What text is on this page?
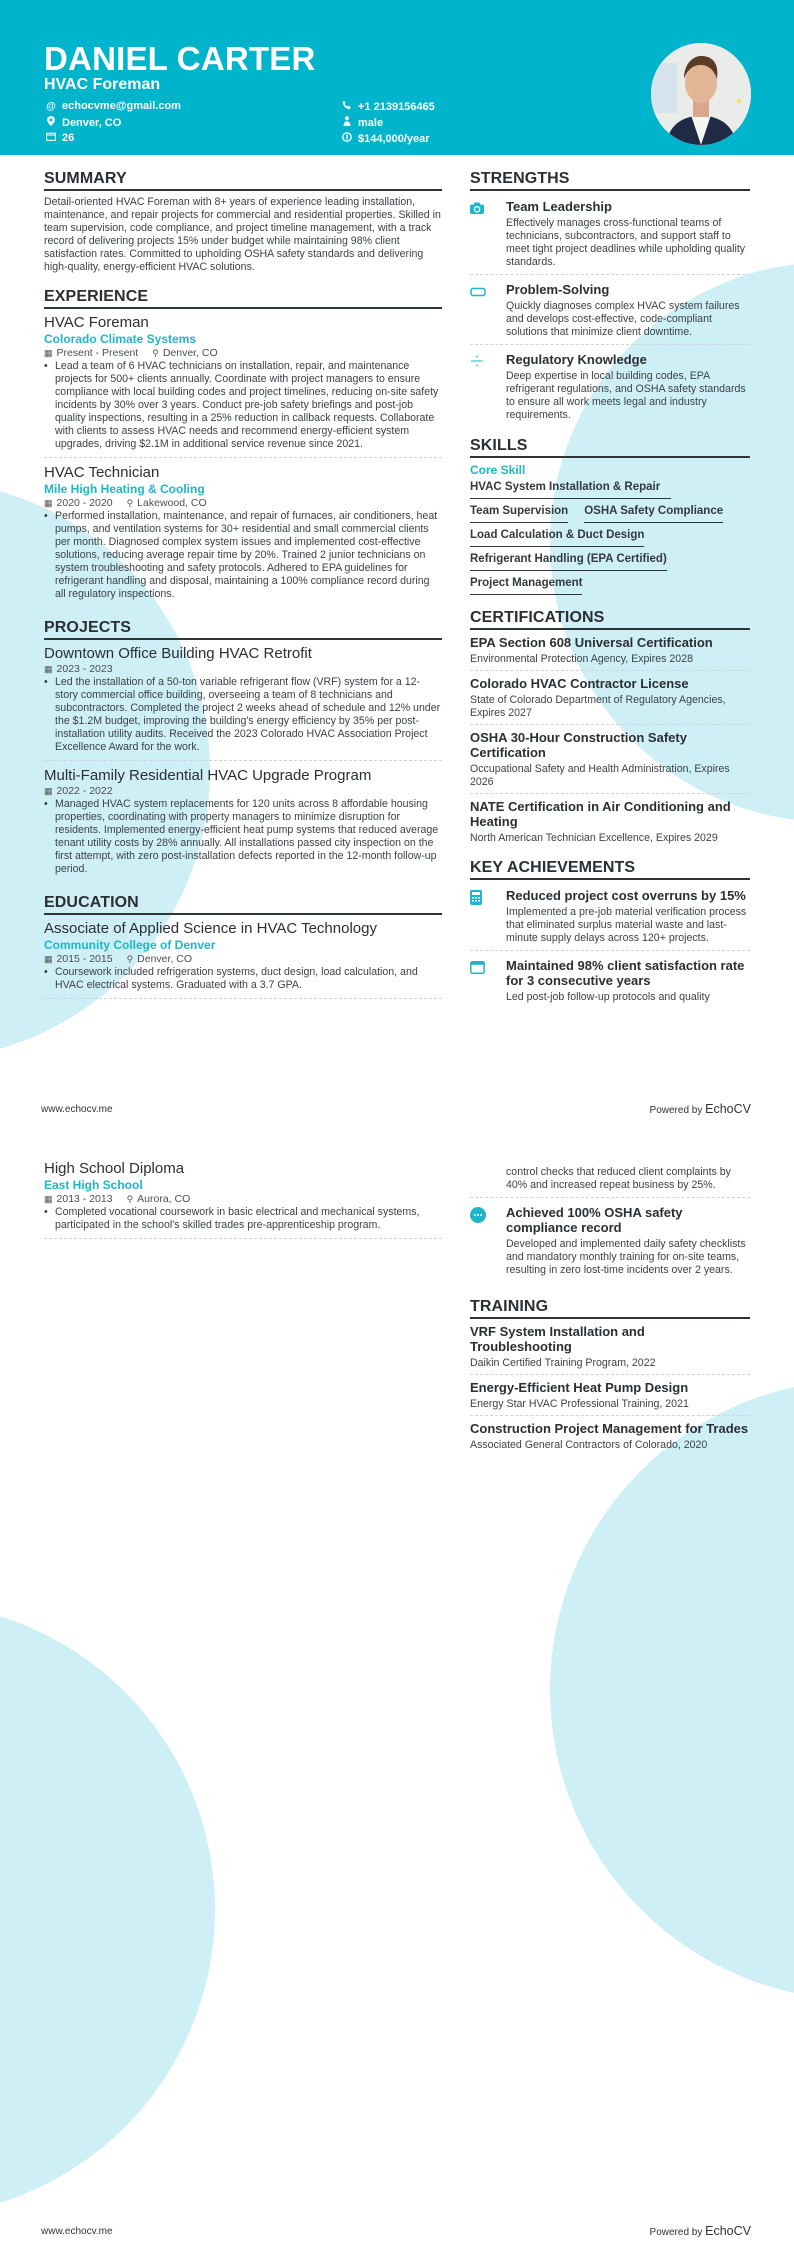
DANIEL CARTER
HVAC Foreman
@ echocvme@gmail.com
Denver, CO
26
+1 2139156465
male
$144,000/year
SUMMARY
Detail-oriented HVAC Foreman with 8+ years of experience leading installation, maintenance, and repair projects for commercial and residential properties. Skilled in team supervision, code compliance, and project timeline management, with a track record of delivering projects 15% under budget while maintaining 98% client satisfaction rates. Committed to upholding OSHA safety standards and delivering high-quality, energy-efficient HVAC solutions.
EXPERIENCE
HVAC Foreman
Colorado Climate Systems
▦ Present - Present ⚲ Denver, CO
• Lead a team of 6 HVAC technicians on installation, repair, and maintenance projects for 500+ clients annually. Coordinate with project managers to ensure compliance with local building codes and project timelines, reducing on-site safety incidents by 30% over 3 years. Conduct pre-job safety briefings and post-job quality inspections, resulting in a 25% reduction in callback requests. Collaborate with clients to assess HVAC needs and recommend energy-efficient system upgrades, driving $2.1M in additional service revenue since 2021.
HVAC Technician
Mile High Heating & Cooling
▦ 2020 - 2020 ⚲ Lakewood, CO
• Performed installation, maintenance, and repair of furnaces, air conditioners, heat pumps, and ventilation systems for 30+ residential and small commercial clients per month. Diagnosed complex system issues and implemented cost-effective solutions, reducing average repair time by 20%. Trained 2 junior technicians on system troubleshooting and safety protocols. Adhered to EPA guidelines for refrigerant handling and disposal, maintaining a 100% compliance record during all regulatory inspections.
PROJECTS
Downtown Office Building HVAC Retrofit
▦ 2023 - 2023
• Led the installation of a 50-ton variable refrigerant flow (VRF) system for a 12-story commercial office building, overseeing a team of 8 technicians and subcontractors. Completed the project 2 weeks ahead of schedule and 12% under the $1.2M budget, improving the building's energy efficiency by 35% per post-installation utility audits. Received the 2023 Colorado HVAC Association Project Excellence Award for the work.
Multi-Family Residential HVAC Upgrade Program
▦ 2022 - 2022
• Managed HVAC system replacements for 120 units across 8 affordable housing properties, coordinating with property managers to minimize disruption for residents. Implemented energy-efficient heat pump systems that reduced average tenant utility costs by 28% annually. All installations passed city inspection on the first attempt, with zero post-installation defects reported in the 12-month follow-up period.
EDUCATION
Associate of Applied Science in HVAC Technology
Community College of Denver
▦ 2015 - 2015 ⚲ Denver, CO
• Coursework included refrigeration systems, duct design, load calculation, and HVAC electrical systems. Graduated with a 3.7 GPA.
STRENGTHS
Team Leadership
Effectively manages cross-functional teams of technicians, subcontractors, and support staff to meet tight project deadlines while upholding quality standards.
Problem-Solving
Quickly diagnoses complex HVAC system failures and develops cost-effective, code-compliant solutions that minimize client downtime.
Regulatory Knowledge
Deep expertise in local building codes, EPA refrigerant regulations, and OSHA safety standards to ensure all work meets legal and industry requirements.
SKILLS
Core Skill
HVAC System Installation & Repair
Team Supervision OSHA Safety Compliance
Load Calculation & Duct Design
Refrigerant Handling (EPA Certified)
Project Management
CERTIFICATIONS
EPA Section 608 Universal Certification
Environmental Protection Agency, Expires 2028
Colorado HVAC Contractor License
State of Colorado Department of Regulatory Agencies, Expires 2027
OSHA 30-Hour Construction Safety Certification
Occupational Safety and Health Administration, Expires 2026
NATE Certification in Air Conditioning and Heating
North American Technician Excellence, Expires 2029
KEY ACHIEVEMENTS
Reduced project cost overruns by 15%
Implemented a pre-job material verification process that eliminated surplus material waste and last-minute supply delays across 120+ projects.
Maintained 98% client satisfaction rate for 3 consecutive years
Led post-job follow-up protocols and quality
www.echocv.me	Powered by EchoCV
High School Diploma
East High School
▦ 2013 - 2013 ⚲ Aurora, CO
• Completed vocational coursework in basic electrical and mechanical systems, participated in the school's skilled trades pre-apprenticeship program.
control checks that reduced client complaints by 40% and increased repeat business by 25%.
Achieved 100% OSHA safety compliance record
Developed and implemented daily safety checklists and mandatory monthly training for on-site teams, resulting in zero lost-time incidents over 2 years.
TRAINING
VRF System Installation and Troubleshooting
Daikin Certified Training Program, 2022
Energy-Efficient Heat Pump Design
Energy Star HVAC Professional Training, 2021
Construction Project Management for Trades
Associated General Contractors of Colorado, 2020
www.echocv.me	Powered by EchoCV
